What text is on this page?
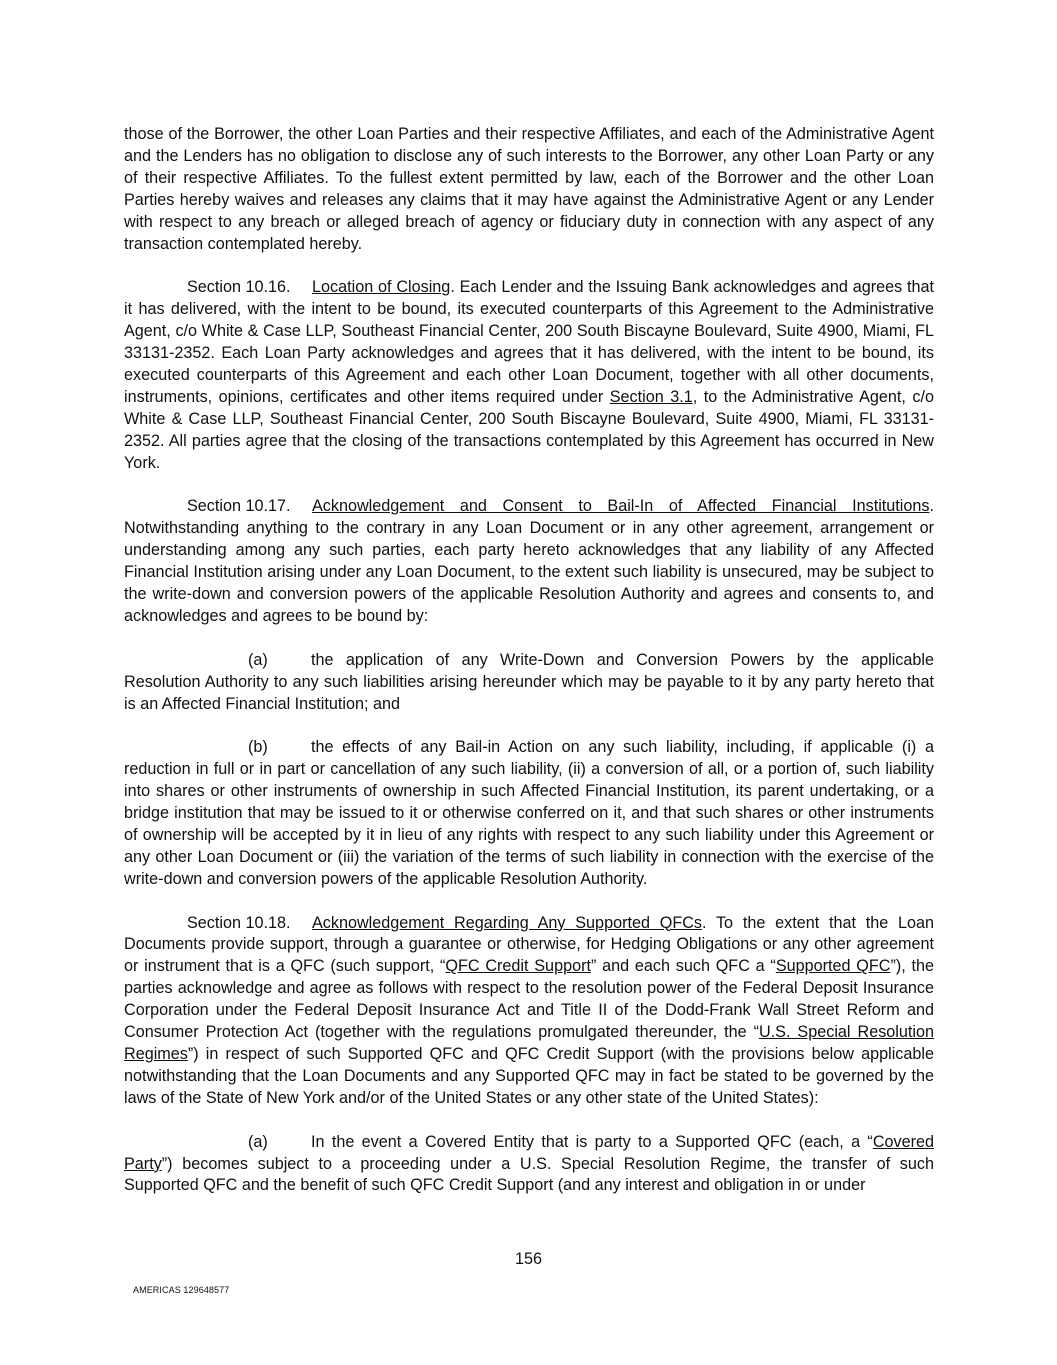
those of the Borrower, the other Loan Parties and their respective Affiliates, and each of the Administrative Agent and the Lenders has no obligation to disclose any of such interests to the Borrower, any other Loan Party or any of their respective Affiliates. To the fullest extent permitted by law, each of the Borrower and the other Loan Parties hereby waives and releases any claims that it may have against the Administrative Agent or any Lender with respect to any breach or alleged breach of agency or fiduciary duty in connection with any aspect of any transaction contemplated hereby.

Section 10.16. Location of Closing. Each Lender and the Issuing Bank acknowledges and agrees that it has delivered, with the intent to be bound, its executed counterparts of this Agreement to the Administrative Agent, c/o White & Case LLP, Southeast Financial Center, 200 South Biscayne Boulevard, Suite 4900, Miami, FL 33131-2352. Each Loan Party acknowledges and agrees that it has delivered, with the intent to be bound, its executed counterparts of this Agreement and each other Loan Document, together with all other documents, instruments, opinions, certificates and other items required under Section 3.1, to the Administrative Agent, c/o White & Case LLP, Southeast Financial Center, 200 South Biscayne Boulevard, Suite 4900, Miami, FL 33131-2352. All parties agree that the closing of the transactions contemplated by this Agreement has occurred in New York.

Section 10.17. Acknowledgement and Consent to Bail-In of Affected Financial Institutions. Notwithstanding anything to the contrary in any Loan Document or in any other agreement, arrangement or understanding among any such parties, each party hereto acknowledges that any liability of any Affected Financial Institution arising under any Loan Document, to the extent such liability is unsecured, may be subject to the write-down and conversion powers of the applicable Resolution Authority and agrees and consents to, and acknowledges and agrees to be bound by:

(a)	the application of any Write-Down and Conversion Powers by the applicable Resolution Authority to any such liabilities arising hereunder which may be payable to it by any party hereto that is an Affected Financial Institution; and

(b)	the effects of any Bail-in Action on any such liability, including, if applicable (i) a reduction in full or in part or cancellation of any such liability, (ii) a conversion of all, or a portion of, such liability into shares or other instruments of ownership in such Affected Financial Institution, its parent undertaking, or a bridge institution that may be issued to it or otherwise conferred on it, and that such shares or other instruments of ownership will be accepted by it in lieu of any rights with respect to any such liability under this Agreement or any other Loan Document or (iii) the variation of the terms of such liability in connection with the exercise of the write-down and conversion powers of the applicable Resolution Authority.

Section 10.18. Acknowledgement Regarding Any Supported QFCs. To the extent that the Loan Documents provide support, through a guarantee or otherwise, for Hedging Obligations or any other agreement or instrument that is a QFC (such support, “QFC Credit Support” and each such QFC a “Supported QFC”), the parties acknowledge and agree as follows with respect to the resolution power of the Federal Deposit Insurance Corporation under the Federal Deposit Insurance Act and Title II of the Dodd-Frank Wall Street Reform and Consumer Protection Act (together with the regulations promulgated thereunder, the “U.S. Special Resolution Regimes”) in respect of such Supported QFC and QFC Credit Support (with the provisions below applicable notwithstanding that the Loan Documents and any Supported QFC may in fact be stated to be governed by the laws of the State of New York and/or of the United States or any other state of the United States):

(a)	In the event a Covered Entity that is party to a Supported QFC (each, a “Covered Party”) becomes subject to a proceeding under a U.S. Special Resolution Regime, the transfer of such Supported QFC and the benefit of such QFC Credit Support (and any interest and obligation in or under

156
AMERICAS 129648577
